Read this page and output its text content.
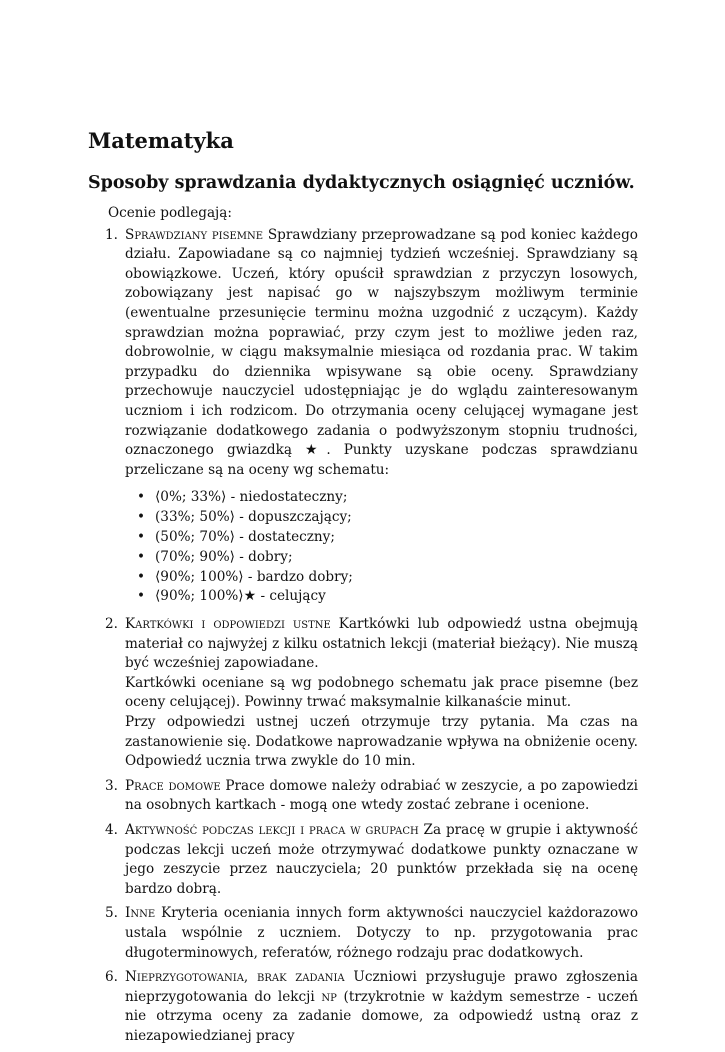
Matematyka
Sposoby sprawdzania dydaktycznych osiągnięć uczniów.

Ocenie podlegają:

1. Sprawdziany pisemne Sprawdziany przeprowadzane są pod koniec każdego działu. Zapowiadane są co najmniej tydzień wcześniej. Sprawdziany są obowiązkowe. Uczeń, który opuścił sprawdzian z przyczyn losowych, zobowiązany jest napisać go w najszybszym możliwym terminie (ewentualne przesunięcie terminu można uzgodnić z uczącym). Każdy sprawdzian można poprawiać, przy czym jest to możliwe jeden raz, dobrowolnie, w ciągu maksymalnie miesiąca od rozdania prac. W takim przypadku do dziennika wpisywane są obie oceny. Sprawdziany przechowuje nauczyciel udostępniając je do wglądu zainteresowanym uczniom i ich rodzicom. Do otrzymania oceny celującej wymagane jest rozwiązanie dodatkowego zadania o podwyższonym stopniu trudności, oznaczonego gwiazdką ★. Punkty uzyskane podczas sprawdzianu przeliczane są na oceny wg schematu:
• ⟨0%; 33%⟩ - niedostateczny;
• (33%; 50%⟩ - dopuszczający;
• (50%; 70%⟩ - dostateczny;
• (70%; 90%⟩ - dobry;
• ⟨90%; 100%⟩ - bardzo dobry;
• ⟨90%; 100%⟩★ - celujący
2. Kartkówki i odpowiedzi ustne Kartkówki lub odpowiedź ustna obejmują materiał co najwyżej z kilku ostatnich lekcji (materiał bieżący). Nie muszą być wcześniej zapowiadane.
Kartkówki oceniane są wg podobnego schematu jak prace pisemne (bez oceny celującej). Powinny trwać maksymalnie kilkanaście minut.
Przy odpowiedzi ustnej uczeń otrzymuje trzy pytania. Ma czas na zastanowienie się. Dodatkowe naprowadzanie wpływa na obniżenie oceny. Odpowiedź ucznia trwa zwykle do 10 min.
3. Prace domowe Prace domowe należy odrabiać w zeszycie, a po zapowiedzi na osobnych kartkach - mogą one wtedy zostać zebrane i ocenione.
4. Aktywność podczas lekcji i praca w grupach Za pracę w grupie i aktywność podczas lekcji uczeń może otrzymywać dodatkowe punkty oznaczane w jego zeszycie przez nauczyciela; 20 punktów przekłada się na ocenę bardzo dobrą.
5. Inne Kryteria oceniania innych form aktywności nauczyciel każdorazowo ustala wspólnie z uczniem. Dotyczy to np. przygotowania prac długoterminowych, referatów, różnego rodzaju prac dodatkowych.
6. Nieprzygotowania, brak zadania Uczniowi przysługuje prawo zgłoszenia nieprzygotowania do lekcji np (trzykrotnie w każdym semestrze - uczeń nie otrzyma oceny za zadanie domowe, za odpowiedź ustną oraz z niezapowiedzianej pracy
